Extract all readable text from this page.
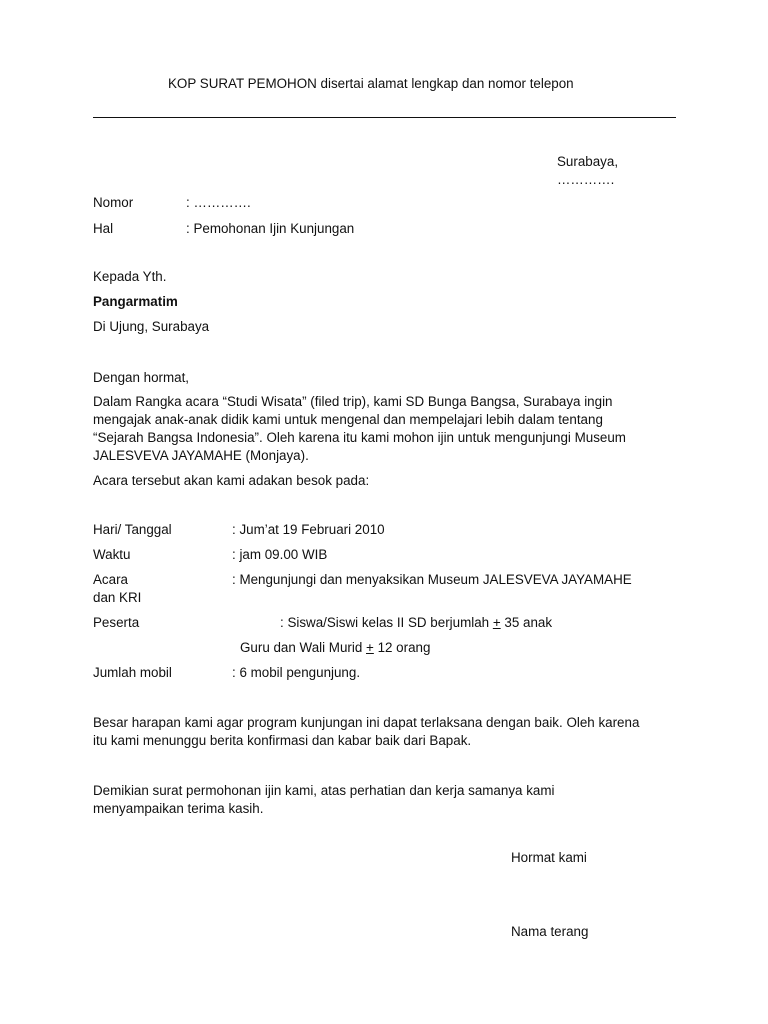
KOP SURAT PEMOHON disertai alamat lengkap dan nomor telepon
Surabaya,
………….
Nomor	: ………….
Hal	: Pemohonan Ijin Kunjungan
Kepada Yth.
Pangarmatim
Di Ujung, Surabaya
Dengan hormat,
Dalam Rangka acara “Studi Wisata” (filed trip), kami SD Bunga Bangsa, Surabaya ingin
mengajak anak-anak didik kami untuk mengenal dan mempelajari lebih dalam tentang
“Sejarah Bangsa Indonesia”. Oleh karena itu kami mohon ijin untuk mengunjungi Museum
JALESVEVA JAYAMAHE (Monjaya).
Acara tersebut akan kami adakan besok pada:
Hari/ Tanggal	: Jum’at 19 Februari 2010
Waktu	: jam 09.00 WIB
Acara	: Mengunjungi dan menyaksikan Museum JALESVEVA JAYAMAHE
dan KRI
Peserta	: Siswa/Siswi kelas II SD berjumlah + 35 anak
Guru dan Wali Murid + 12 orang
Jumlah mobil	: 6 mobil pengunjung.
Besar harapan kami agar program kunjungan ini dapat terlaksana dengan baik. Oleh karena
itu kami menunggu berita konfirmasi dan kabar baik dari Bapak.
Demikian surat permohonan ijin kami, atas perhatian dan kerja samanya kami
menyampaikan terima kasih.
Hormat kami
Nama terang
